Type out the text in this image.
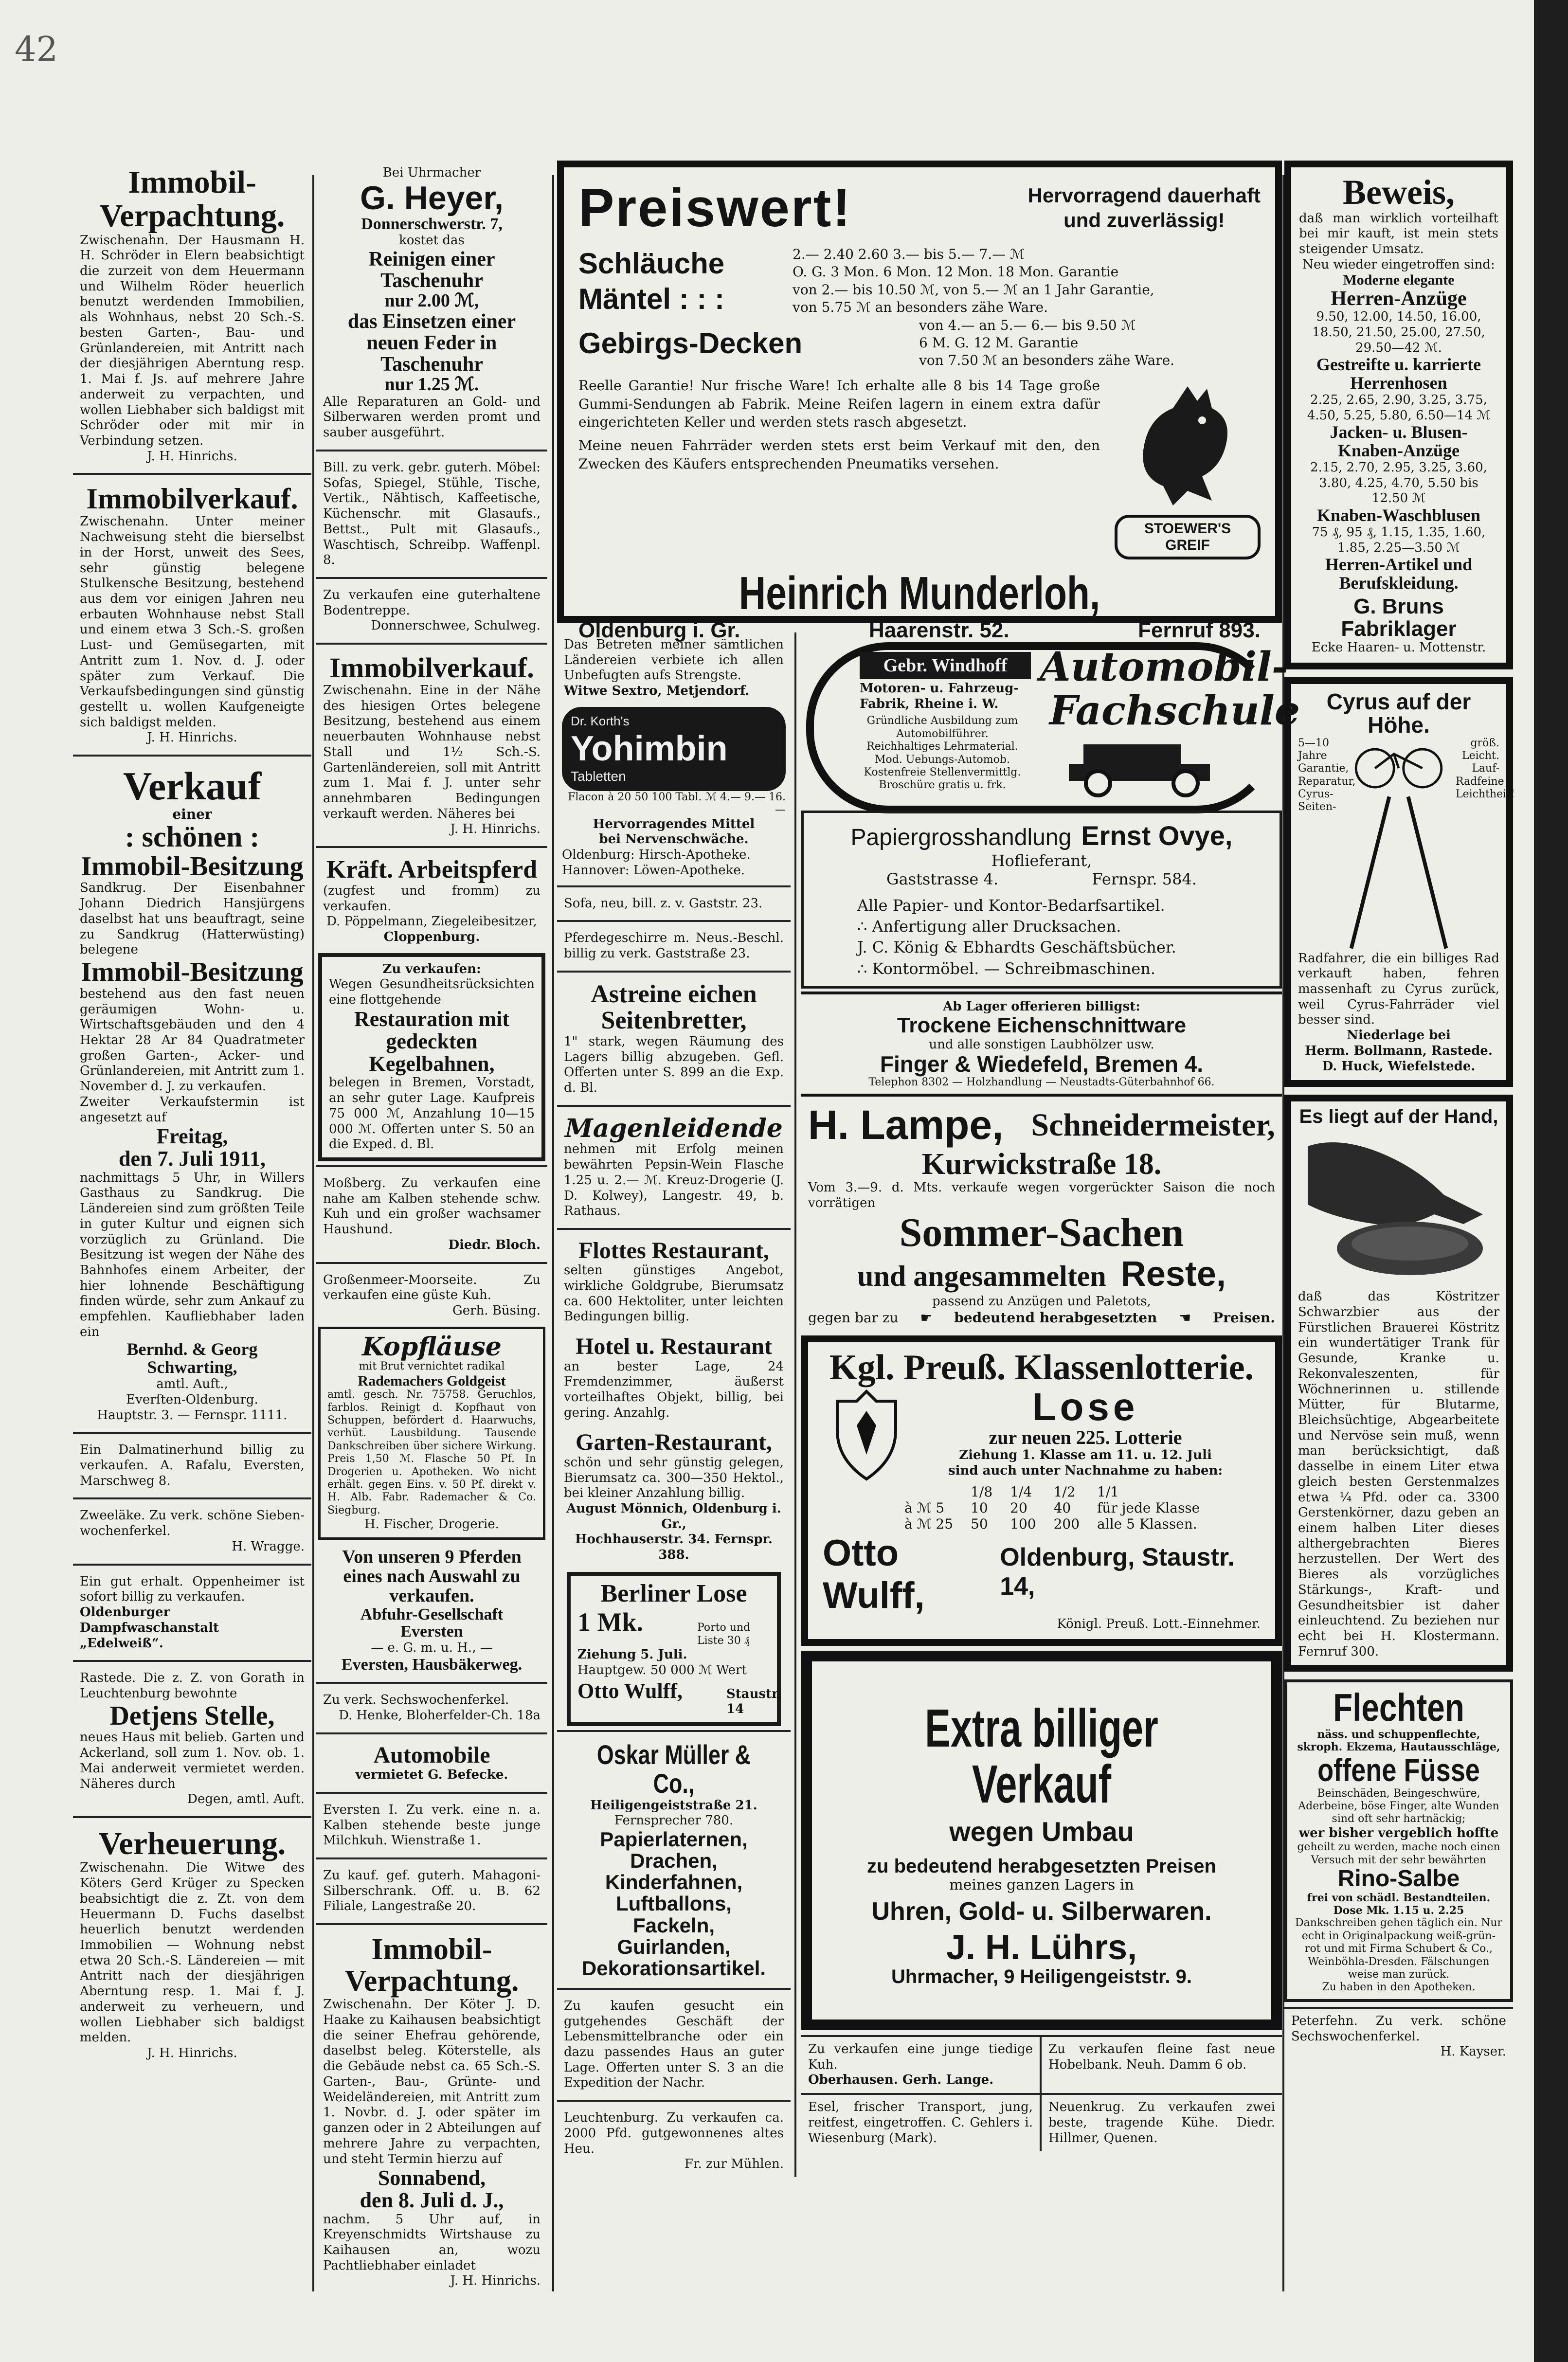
42
Immobil-Verpachtung.
Zwischenahn. Der Hausmann H. H. Schröder in Elern beabsichtigt die zurzeit von dem Heuermann und Wilhelm Röder heuerlich benutzt werdenden Immobilien, als Wohnhaus, nebst 20 Sch.-S. besten Garten-, Bau- und Grünlandereien, mit Antritt nach der diesjährigen Aberntung resp. 1. Mai f. Js. auf mehrere Jahre anderweit zu verpachten, und wollen Liebhaber sich baldigst mit Schröder oder mit mir in Verbindung setzen.
J. H. Hinrichs.
Immobilverkauf.
Zwischenahn. Unter meiner Nachweisung steht die bierselbst in der Horst, unweit des Sees, sehr günstig belegene Stulkensche Besitzung, bestehend aus dem vor einigen Jahren neu erbauten Wohnhause nebst Stall und einem etwa 3 Sch.-S. großen Lust- und Gemüsegarten, mit Antritt zum 1. Nov. d. J. oder später zum Verkauf. Die Verkaufsbedingungen sind günstig gestellt u. wollen Kaufgeneigte sich baldigst melden.
J. H. Hinrichs.
Verkauf
einer
: schönen :
Immobil-Besitzung
Sandkrug. Der Eisenbahner Johann Diedrich Hansjürgens daselbst hat uns beauftragt, seine zu Sandkrug (Hatterwüsting) belegene
Immobil-Besitzung
bestehend aus den fast neuen geräumigen Wohn- u. Wirtschaftsgebäuden und den 4 Hektar 28 Ar 84 Quadratmeter großen Garten-, Acker- und Grünlandereien, mit Antritt zum 1. November d. J. zu verkaufen.
Zweiter Verkaufstermin ist angesetzt auf
Freitag,
den 7. Juli 1911,
nachmittags 5 Uhr, in Willers Gasthaus zu Sandkrug. Die Ländereien sind zum größten Teile in guter Kultur und eignen sich vorzüglich zu Grünland. Die Besitzung ist wegen der Nähe des Bahnhofes einem Arbeiter, der hier lohnende Beschäftigung finden würde, sehr zum Ankauf zu empfehlen. Kaufliebhaber laden ein
Bernhd. & Georg Schwarting,
amtl. Auft.,
Everſten-Oldenburg.
Hauptstr. 3. — Fernspr. 1111.
Ein Dalmatinerhund billig zu verkaufen. A. Rafalu, Eversten, Marschweg 8.
Zweeläke. Zu verk. schöne Sieben-wochenferkel.
H. Wragge.
Ein gut erhalt. Oppenheimer ist sofort billig zu verkaufen.
Oldenburger Dampfwaschanstalt „Edelweiß“.
Rastede. Die z. Z. von Gorath in Leuchtenburg bewohnte
Detjens Stelle,
neues Haus mit belieb. Garten und Ackerland, soll zum 1. Nov. ob. 1. Mai anderweit vermietet werden. Näheres durch
Degen, amtl. Auft.
Verheuerung.
Zwischenahn. Die Witwe des Köters Gerd Krüger zu Specken beabsichtigt die z. Zt. von dem Heuermann D. Fuchs daselbst heuerlich benutzt werdenden Immobilien — Wohnung nebst etwa 20 Sch.-S. Ländereien — mit Antritt nach der diesjährigen Aberntung resp. 1. Mai f. J. anderweit zu verheuern, und wollen Liebhaber sich baldigst melden.
J. H. Hinrichs.
Bei Uhrmacher
G. Heyer,
Donnerschwerstr. 7,
kostet das
Reinigen einer Taschenuhr
nur 2.00 ℳ,
das Einsetzen einer neuen Feder in Taschenuhr
nur 1.25 ℳ.
Alle Reparaturen an Gold- und Silberwaren werden promt und sauber ausgeführt.
Bill. zu verk. gebr. guterh. Möbel: Sofas, Spiegel, Stühle, Tische, Vertik., Nähtisch, Kaffeetische, Küchenschr. mit Glasaufs., Bettst., Pult mit Glasaufs., Waschtisch, Schreibp. Waffenpl. 8.
Zu verkaufen eine guterhaltene Bodentreppe.
Donnerschwee, Schulweg.
Immobilverkauf.
Zwischenahn. Eine in der Nähe des hiesigen Ortes belegene Besitzung, bestehend aus einem neuerbauten Wohnhause nebst Stall und 1½ Sch.-S. Gartenländereien, soll mit Antritt zum 1. Mai f. J. unter sehr annehmbaren Bedingungen verkauft werden. Näheres bei
J. H. Hinrichs.
Kräft. Arbeitspferd
(zugfest und fromm) zu verkaufen.
D. Pöppelmann, Ziegeleibesitzer,
Cloppenburg.
Zu verkaufen:
Wegen Gesundheitsrücksichten eine flottgehende
Restauration mit gedeckten Kegelbahnen,
belegen in Bremen, Vorstadt, an sehr guter Lage. Kaufpreis 75 000 ℳ, Anzahlung 10—15 000 ℳ. Offerten unter S. 50 an die Exped. d. Bl.
Moßberg. Zu verkaufen eine nahe am Kalben stehende schw. Kuh und ein großer wachsamer Haushund.
Diedr. Bloch.
Großenmeer-Moorseite. Zu verkaufen eine güste Kuh.
Gerh. Büsing.
Kopfläuse
mit Brut vernichtet radikal
Rademachers Goldgeist
amtl. gesch. Nr. 75758. Geruchlos, farblos. Reinigt d. Kopfhaut von Schuppen, befördert d. Haarwuchs, verhüt. Lausbildung. Tausende Dankschreiben über sichere Wirkung. Preis 1,50 ℳ. Flasche 50 Pf. In Drogerien u. Apotheken. Wo nicht erhält. gegen Eins. v. 50 Pf. direkt v. H. Alb. Fabr. Rademacher & Co. Siegburg.
H. Fischer, Drogerie.
Von unseren 9 Pferden eines nach Auswahl zu verkaufen.
Abfuhr-Gesellschaft
Eversten
— e. G. m. u. H., —
Eversten, Hausbäkerweg.
Zu verk. Sechswochenferkel.
D. Henke, Bloherfelder-Ch. 18a
Automobile
vermietet G. Befecke.
Eversten I. Zu verk. eine n. a. Kalben stehende beste junge Milchkuh. Wienstraße 1.
Zu kauf. gef. guterh. Mahagoni-Silberschrank. Off. u. B. 62 Filiale, Langestraße 20.
Immobil-Verpachtung.
Zwischenahn. Der Köter J. D. Haake zu Kaihausen beabsichtigt die seiner Ehefrau gehörende, daselbst beleg. Köterstelle, als die Gebäude nebst ca. 65 Sch.-S. Garten-, Bau-, Grünte- und Weideländereien, mit Antritt zum 1. Novbr. d. J. oder später im ganzen oder in 2 Abteilungen auf mehrere Jahre zu verpachten, und steht Termin hierzu auf
Sonnabend,
den 8. Juli d. J.,
nachm. 5 Uhr auf, in Kreyenschmidts Wirtshause zu Kaihausen an, wozu Pachtliebhaber einladet
J. H. Hinrichs.
Preiswert!	Hervorragend dauerhaft
und zuverlässig!
Schläuche	2.— 2.40 2.60 3.— bis 5.— 7.— ℳ
O. G. 3 Mon. 6 Mon. 12 Mon. 18 Mon. Garantie
Mäntel : : :	von 2.— bis 10.50 ℳ, von 5.— ℳ an 1 Jahr Garantie,
von 5.75 ℳ an besonders zähe Ware.
Gebirgs-Decken
von 4.— an 5.— 6.— bis 9.50 ℳ
6 M. G. 12 M. Garantie
von 7.50 ℳ an besonders zähe Ware.
Reelle Garantie! Nur frische Ware! Ich erhalte alle 8 bis 14 Tage große Gummi-Sendungen ab Fabrik. Meine Reifen lagern in einem extra dafür eingerichteten Keller und werden stets rasch abgesetzt.
Meine neuen Fahrräder werden stets erst beim Verkauf mit den, den Zwecken des Käufers entsprechenden Pneumatiks versehen.
STOEWER'S
GREIF
Heinrich Munderloh,
Oldenburg i. Gr.	Haarenstr. 52.	Fernruf 893.
Das Betreten meiner sämtlichen Ländereien verbiete ich allen Unbefugten aufs Strengste.
Witwe Sextro, Metjendorf.
Dr. Korth's
Yohimbin
Tabletten
Flacon à 20 50 100 Tabl. ℳ 4.— 9.— 16.—
Hervorragendes Mittel
bei Nervenschwäche.
Oldenburg: Hirsch-Apotheke.
Hannover: Löwen-Apotheke.
Sofa, neu, bill. z. v. Gaststr. 23.
Pferdegeschirre m. Neus.-Beschl. billig zu verk. Gaststraße 23.
Astreine eichen Seitenbretter,
1" stark, wegen Räumung des Lagers billig abzugeben. Gefl. Offerten unter S. 899 an die Exp. d. Bl.
Magenleidende
nehmen mit Erfolg meinen bewährten Pepsin-Wein Flasche 1.25 u. 2.— ℳ. Kreuz-Drogerie (J. D. Kolwey), Langestr. 49, b. Rathaus.
Flottes Restaurant,
selten günstiges Angebot, wirkliche Goldgrube, Bierumsatz ca. 600 Hektoliter, unter leichten Bedingungen billig.
Hotel u. Restaurant
an bester Lage, 24 Fremdenzimmer, äußerst vorteilhaftes Objekt, billig, bei gering. Anzahlg.
Garten-Restaurant,
schön und sehr günstig gelegen, Bierumsatz ca. 300—350 Hektol., bei kleiner Anzahlung billig.
August Mönnich, Oldenburg i. Gr.,
Hochhauserstr. 34. Fernspr. 388.
Berliner Lose
1 Mk.	Porto und Liste 30 ₰
Ziehung 5. Juli.
Hauptgew. 50 000 ℳ Wert
Otto Wulff,	Staustr. 14
Oskar Müller & Co.,
Heiligengeiststraße 21.
Fernsprecher 780.
Papierlaternen,
Drachen,
Kinderfahnen,
Luftballons,
Fackeln,
Guirlanden,
Dekorationsartikel.
Zu kaufen gesucht ein gutgehendes Geschäft der Lebensmittelbranche oder ein dazu passendes Haus an guter Lage. Offerten unter S. 3 an die Expedition der Nachr.
Leuchtenburg. Zu verkaufen ca. 2000 Pfd. gutgewonnenes altes Heu.
Fr. zur Mühlen.
Gebr. Windhoff
Motoren- u. Fahrzeug-
Fabrik, Rheine i. W.
Gründliche Ausbildung zum Automobilführer. Reichhaltiges Lehrmaterial. Mod. Uebungs-Automob. Kostenfreie Stellenvermittlg. Broschüre gratis u. frk.
Automobil-
Fachschule
Papiergrosshandlung Ernst Ovye,
Hoflieferant,
Gaststrasse 4.	Fernspr. 584.
Alle Papier- und Kontor-Bedarfsartikel.
∴ Anfertigung aller Drucksachen.
J. C. König & Ebhardts Geschäftsbücher.
∴ Kontormöbel. — Schreibmaschinen.
Ab Lager offerieren billigst:
Trockene Eichenschnittware
und alle sonstigen Laubhölzer usw.
Finger & Wiedefeld, Bremen 4.
Telephon 8302 — Holzhandlung — Neustadts-Güterbahnhof 66.
H. Lampe, Schneidermeister,
Kurwickstraße 18.
Vom 3.—9. d. Mts. verkaufe wegen vorgerückter Saison die noch vorrätigen
Sommer-Sachen
und angesammelten Reste,
passend zu Anzügen und Paletots,
gegen bar zu ☛ bedeutend herabgesetzten ☚ Preisen.
Kgl. Preuß. Klassenlotterie.
Lose
zur neuen 225. Lotterie
Ziehung 1. Klasse am 11. u. 12. Juli
sind auch unter Nachnahme zu haben:
	1/8	1/4	1/2	1/1
à ℳ 5	10	20	40	für jede Klasse
à ℳ 25	50	100	200	alle 5 Klassen.
Otto Wulff,
Oldenburg, Staustr. 14,
Königl. Preuß. Lott.-Einnehmer.
Extra billiger Verkauf
wegen Umbau
zu bedeutend herabgesetzten Preisen
meines ganzen Lagers in
Uhren, Gold- u. Silberwaren.
J. H. Lührs,
Uhrmacher, 9 Heiligengeiststr. 9.
Zu verkaufen eine junge tiedige Kuh.
Oberhausen. Gerh. Lange.
Zu verkaufen fleine fast neue Hobelbank. Neuh. Damm 6 ob.
Esel, frischer Transport, jung, reitfest, eingetroffen. C. Gehlers i. Wiesenburg (Mark).
Neuenkrug. Zu verkaufen zwei beste, tragende Kühe. Diedr. Hillmer, Quenen.
Beweis,
daß man wirklich vorteilhaft bei mir kauft, ist mein stets steigender Umsatz.
Neu wieder eingetroffen sind:
Moderne elegante
Herren-Anzüge
9.50, 12.00, 14.50, 16.00, 18.50, 21.50, 25.00, 27.50, 29.50—42 ℳ.
Gestreifte u. karrierte Herrenhosen
2.25, 2.65, 2.90, 3.25, 3.75, 4.50, 5.25, 5.80, 6.50—14 ℳ
Jacken- u. Blusen-Knaben-Anzüge
2.15, 2.70, 2.95, 3.25, 3.60, 3.80, 4.25, 4.70, 5.50 bis 12.50 ℳ
Knaben-Waschblusen
75 ₰, 95 ₰, 1.15, 1.35, 1.60, 1.85, 2.25—3.50 ℳ
Herren-Artikel und Berufskleidung.
G. Bruns Fabriklager
Ecke Haaren- u. Mottenstr.
Cyrus auf der Höhe.
5—10 Jahre Garantie, Reparatur, Cyrus-Seiten-
größ. Leicht. Lauf-Radfeine Leichtheit!
Radfahrer, die ein billiges Rad verkauft haben, fehren massenhaft zu Cyrus zurück, weil Cyrus-Fahrräder viel besser sind.
Niederlage bei
Herm. Bollmann, Rastede.
D. Huck, Wiefelstede.
Es liegt auf der Hand,
daß das Köstritzer Schwarzbier aus der Fürstlichen Brauerei Köstritz ein wundertätiger Trank für Gesunde, Kranke u. Rekonvaleszenten, für Wöchnerinnen u. stillende Mütter, für Blutarme, Bleichsüchtige, Abgearbeitete und Nervöse sein muß, wenn man berücksichtigt, daß dasselbe in einem Liter etwa gleich besten Gerstenmalzes etwa ¼ Pfd. oder ca. 3300 Gerstenkörner, dazu geben an einem halben Liter dieses althergebrachten Bieres herzustellen. Der Wert des Bieres als vorzügliches Stärkungs-, Kraft- und Gesundheitsbier ist daher einleuchtend. Zu beziehen nur echt bei H. Klostermann. Fernruf 300.
Flechten
näss. und schuppenflechte, skroph. Ekzema, Hautausschläge,
offene Füsse
Beinschäden, Beingeschwüre, Aderbeine, böse Finger, alte Wunden sind oft sehr hartnäckig;
wer bisher vergeblich hoffte
geheilt zu werden, mache noch einen Versuch mit der sehr bewährten
Rino-Salbe
frei von schädl. Bestandteilen. Dose Mk. 1.15 u. 2.25
Dankschreiben gehen täglich ein. Nur echt in Originalpackung weiß-grün-rot und mit Firma Schubert & Co., Weinböhla-Dresden. Fälschungen weise man zurück.
Zu haben in den Apotheken.
Peterfehn. Zu verk. schöne Sechswochenferkel.
H. Kayser.
